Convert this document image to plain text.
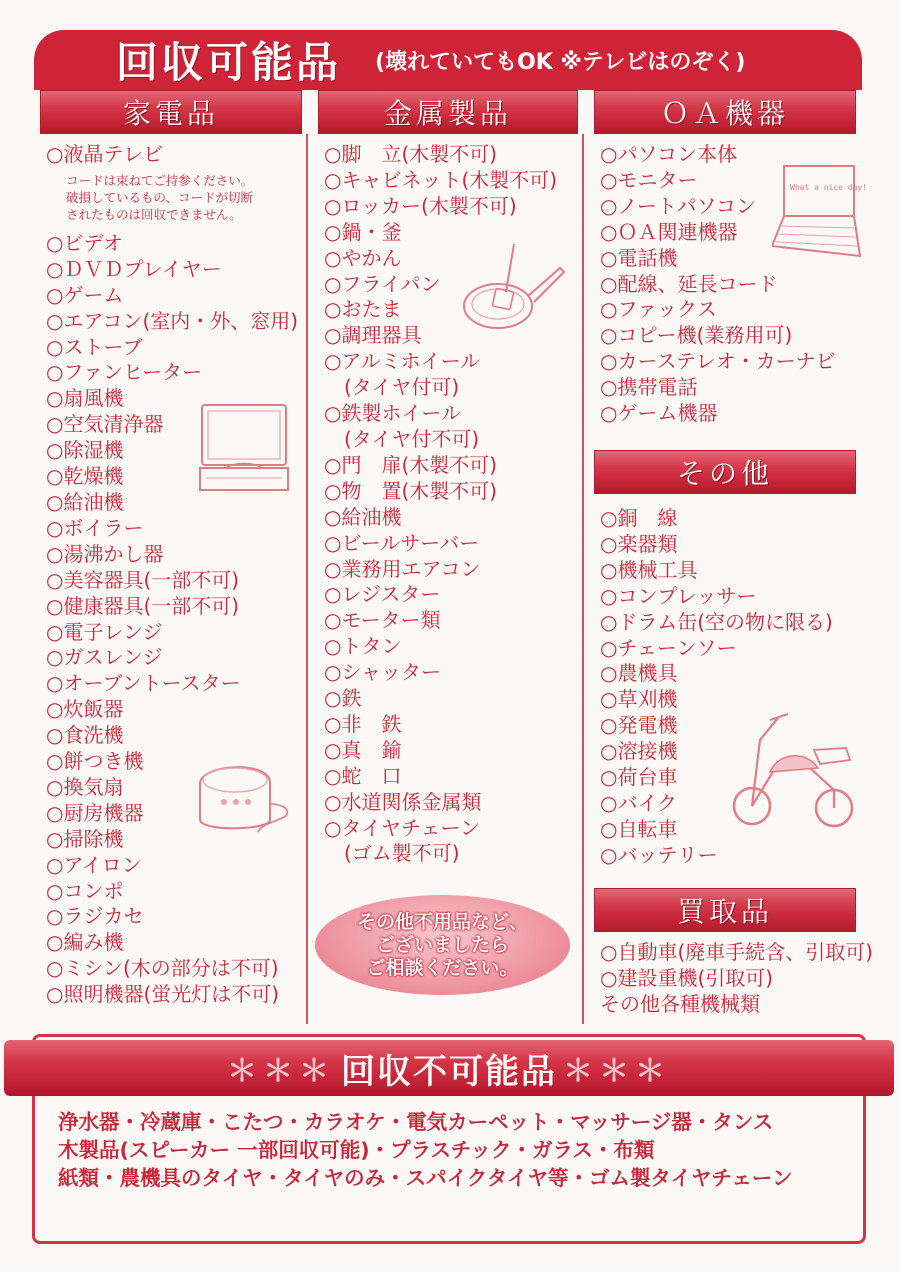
回収可能品 (壊れていてもOK ※テレビはのぞく)
家電品
○液晶テレビ
コードは束ねてご持参ください。
破損しているもの、コードが切断
されたものは回収できません。
○ビデオ
○ＤＶＤプレイヤー
○ゲーム
○エアコン(室内・外、窓用)
○ストーブ
○ファンヒーター
○扇風機
○空気清浄器
○除湿機
○乾燥機
○給油機
○ボイラー
○湯沸かし器
○美容器具(一部不可)
○健康器具(一部不可)
○電子レンジ
○ガスレンジ
○オーブントースター
○炊飯器
○食洗機
○餅つき機
○換気扇
○厨房機器
○掃除機
○アイロン
○コンポ
○ラジカセ
○編み機
○ミシン(木の部分は不可)
○照明機器(蛍光灯は不可)
金属製品
○脚　立(木製不可)
○キャビネット(木製不可)
○ロッカー(木製不可)
○鍋・釜
○やかん
○フライパン
○おたま
○調理器具
○アルミホイール
　(タイヤ付可)
○鉄製ホイール
　(タイヤ付不可)
○門　扉(木製不可)
○物　置(木製不可)
○給油機
○ビールサーバー
○業務用エアコン
○レジスター
○モーター類
○トタン
○シャッター
○鉄
○非　鉄
○真　鍮
○蛇　口
○水道関係金属類
○タイヤチェーン
　(ゴム製不可)
ＯＡ機器
○パソコン本体
○モニター
○ノートパソコン
○ＯＡ関連機器
○電話機
○配線、延長コード
○ファックス
○コピー機(業務用可)
○カーステレオ・カーナビ
○携帯電話
○ゲーム機器
その他
○銅　線
○楽器類
○機械工具
○コンプレッサー
○ドラム缶(空の物に限る)
○チェーンソー
○農機具
○草刈機
○発電機
○溶接機
○荷台車
○バイク
○自転車
○バッテリー
買取品
○自動車(廃車手続含、引取可)
○建設重機(引取可)
その他各種機械類
What a nice day!
その他不用品など、
ございましたら
ご相談ください。
＊＊＊ 回収不可能品 ＊＊＊
浄水器・冷蔵庫・こたつ・カラオケ・電気カーペット・マッサージ器・タンス
木製品(スピーカー 一部回収可能)・プラスチック・ガラス・布類
紙類・農機具のタイヤ・タイヤのみ・スパイクタイヤ等・ゴム製タイヤチェーン
